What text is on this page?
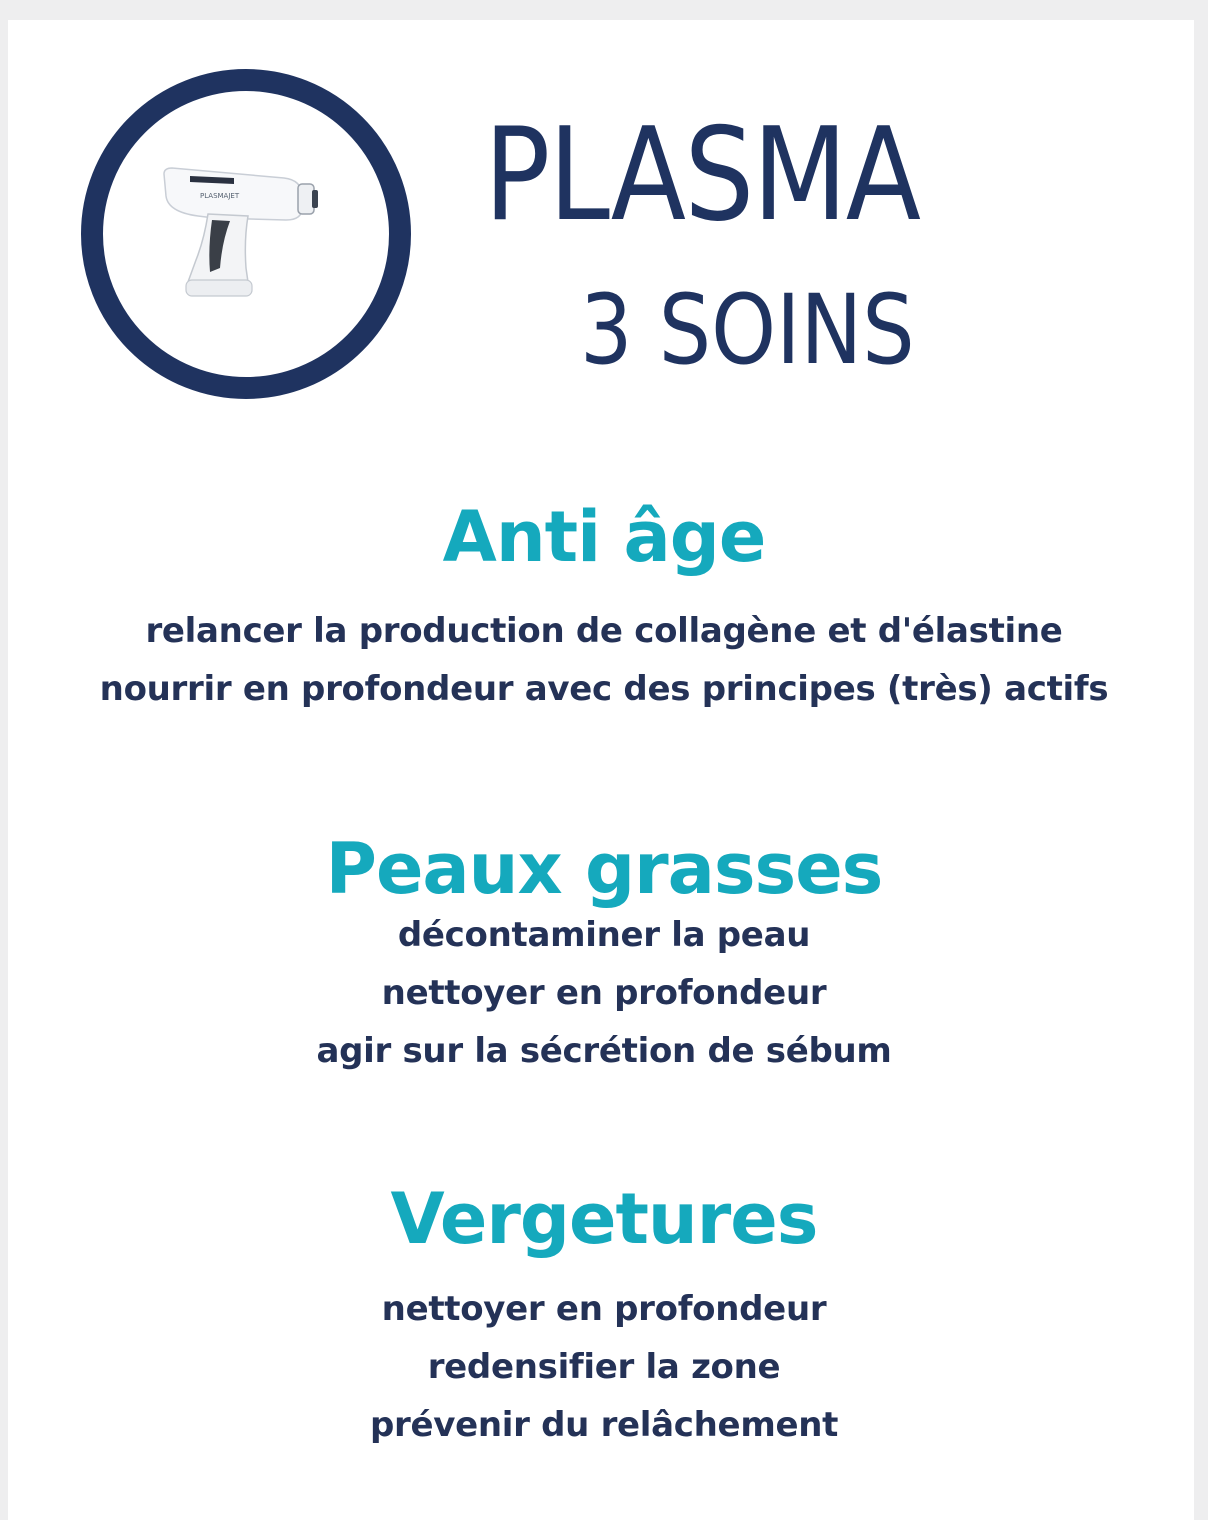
PLASMAJET PLASMA
3 SOINS
Anti âge

relancer la production de collagène et d'élastine

nourrir en profondeur avec des principes (très) actifs

Peaux grasses

décontaminer la peau

nettoyer en profondeur

agir sur la sécrétion de sébum

Vergetures

nettoyer en profondeur

redensifier la zone

prévenir du relâchement
